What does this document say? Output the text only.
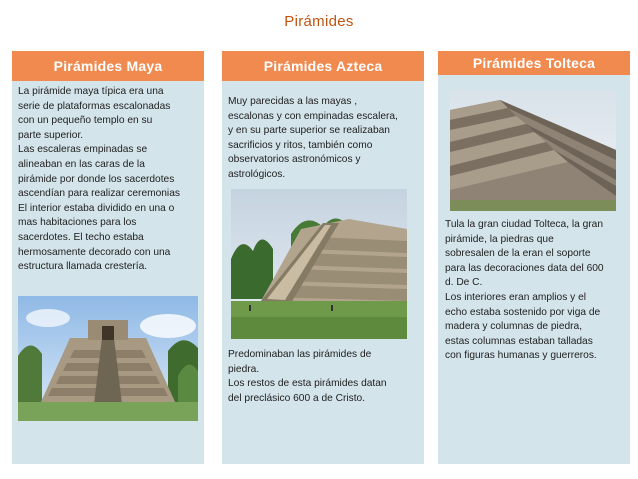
Pirámides
Pirámides Maya
La pirámide maya típica era una
serie de plataformas escalonadas
con un pequeño templo en su
parte superior.
Las escaleras empinadas se
alineaban en las caras de la
pirámide por donde los sacerdotes
ascendían para realizar ceremonias
El interior estaba dividido en una o
mas habitaciones para los
sacerdotes. El techo estaba
hermosamente decorado con una
estructura llamada crestería.
Pirámides Azteca
Muy parecidas a las mayas ,
escalonas y con empinadas escalera,
y en su parte superior se realizaban
sacrificios y ritos, también como
observatorios astronómicos y
astrológicos.
Predominaban las pirámides de
piedra.
Los restos de esta pirámides datan
del preclásico 600 a de Cristo.
Pirámides Tolteca
Tula la gran ciudad Tolteca, la gran
pirámide, la piedras que
sobresalen de la eran el soporte
para las decoraciones data del 600
d. De C.
Los interiores eran amplios y el
echo estaba sostenido por viga de
madera y columnas de piedra,
estas columnas estaban talladas
con figuras humanas y guerreros.
